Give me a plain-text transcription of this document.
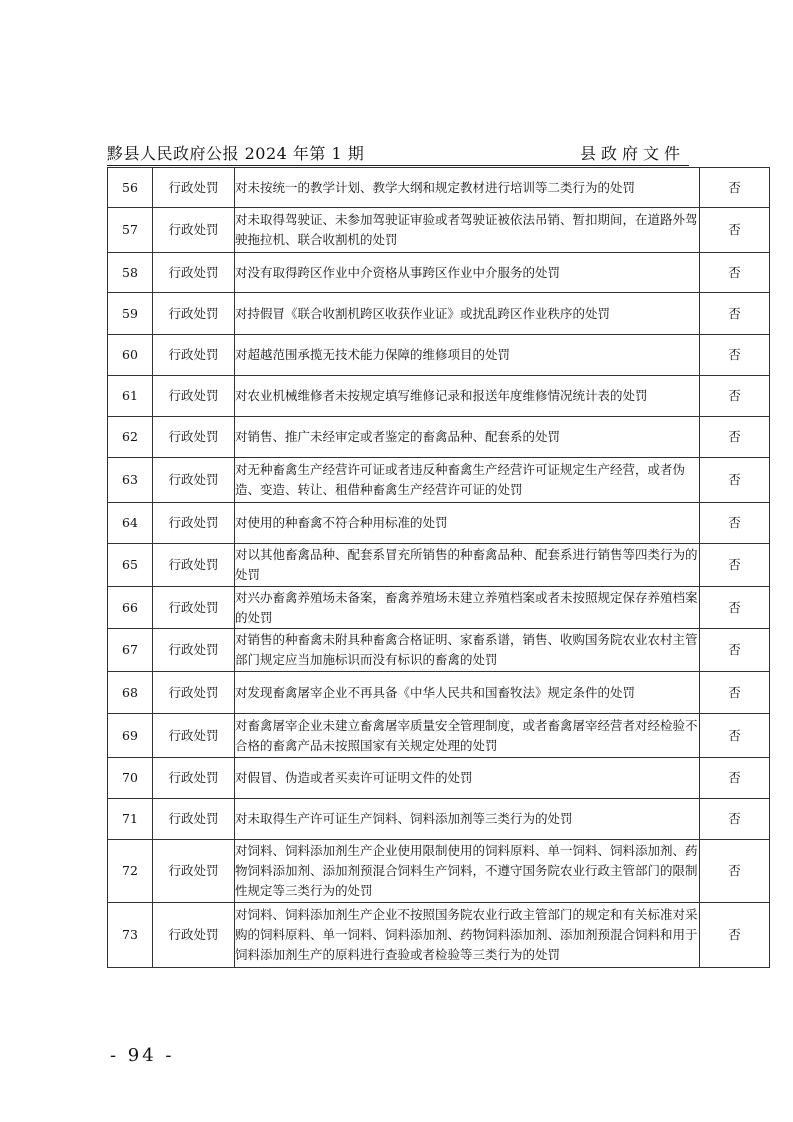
黟县人民政府公报 2024 年第 1 期	县政府文件
56	行政处罚	对未按统一的教学计划、教学大纲和规定教材进行培训等二类行为的处罚	否
57	行政处罚	对未取得驾驶证、未参加驾驶证审验或者驾驶证被依法吊销、暂扣期间，在道路外驾驶拖拉机、联合收割机的处罚	否
58	行政处罚	对没有取得跨区作业中介资格从事跨区作业中介服务的处罚	否
59	行政处罚	对持假冒《联合收割机跨区收获作业证》或扰乱跨区作业秩序的处罚	否
60	行政处罚	对超越范围承揽无技术能力保障的维修项目的处罚	否
61	行政处罚	对农业机械维修者未按规定填写维修记录和报送年度维修情况统计表的处罚	否
62	行政处罚	对销售、推广未经审定或者鉴定的畜禽品种、配套系的处罚	否
63	行政处罚	对无种畜禽生产经营许可证或者违反种畜禽生产经营许可证规定生产经营，或者伪造、变造、转让、租借种畜禽生产经营许可证的处罚	否
64	行政处罚	对使用的种畜禽不符合种用标准的处罚	否
65	行政处罚	对以其他畜禽品种、配套系冒充所销售的种畜禽品种、配套系进行销售等四类行为的处罚	否
66	行政处罚	对兴办畜禽养殖场未备案，畜禽养殖场未建立养殖档案或者未按照规定保存养殖档案的处罚	否
67	行政处罚	对销售的种畜禽未附具种畜禽合格证明、家畜系谱，销售、收购国务院农业农村主管部门规定应当加施标识而没有标识的畜禽的处罚	否
68	行政处罚	对发现畜禽屠宰企业不再具备《中华人民共和国畜牧法》规定条件的处罚	否
69	行政处罚	对畜禽屠宰企业未建立畜禽屠宰质量安全管理制度，或者畜禽屠宰经营者对经检验不合格的畜禽产品未按照国家有关规定处理的处罚	否
70	行政处罚	对假冒、伪造或者买卖许可证明文件的处罚	否
71	行政处罚	对未取得生产许可证生产饲料、饲料添加剂等三类行为的处罚	否
72	行政处罚	对饲料、饲料添加剂生产企业使用限制使用的饲料原料、单一饲料、饲料添加剂、药物饲料添加剂、添加剂预混合饲料生产饲料，不遵守国务院农业行政主管部门的限制性规定等三类行为的处罚	否
73	行政处罚	对饲料、饲料添加剂生产企业不按照国务院农业行政主管部门的规定和有关标准对采购的饲料原料、单一饲料、饲料添加剂、药物饲料添加剂、添加剂预混合饲料和用于饲料添加剂生产的原料进行查验或者检验等三类行为的处罚	否
- 94 -
